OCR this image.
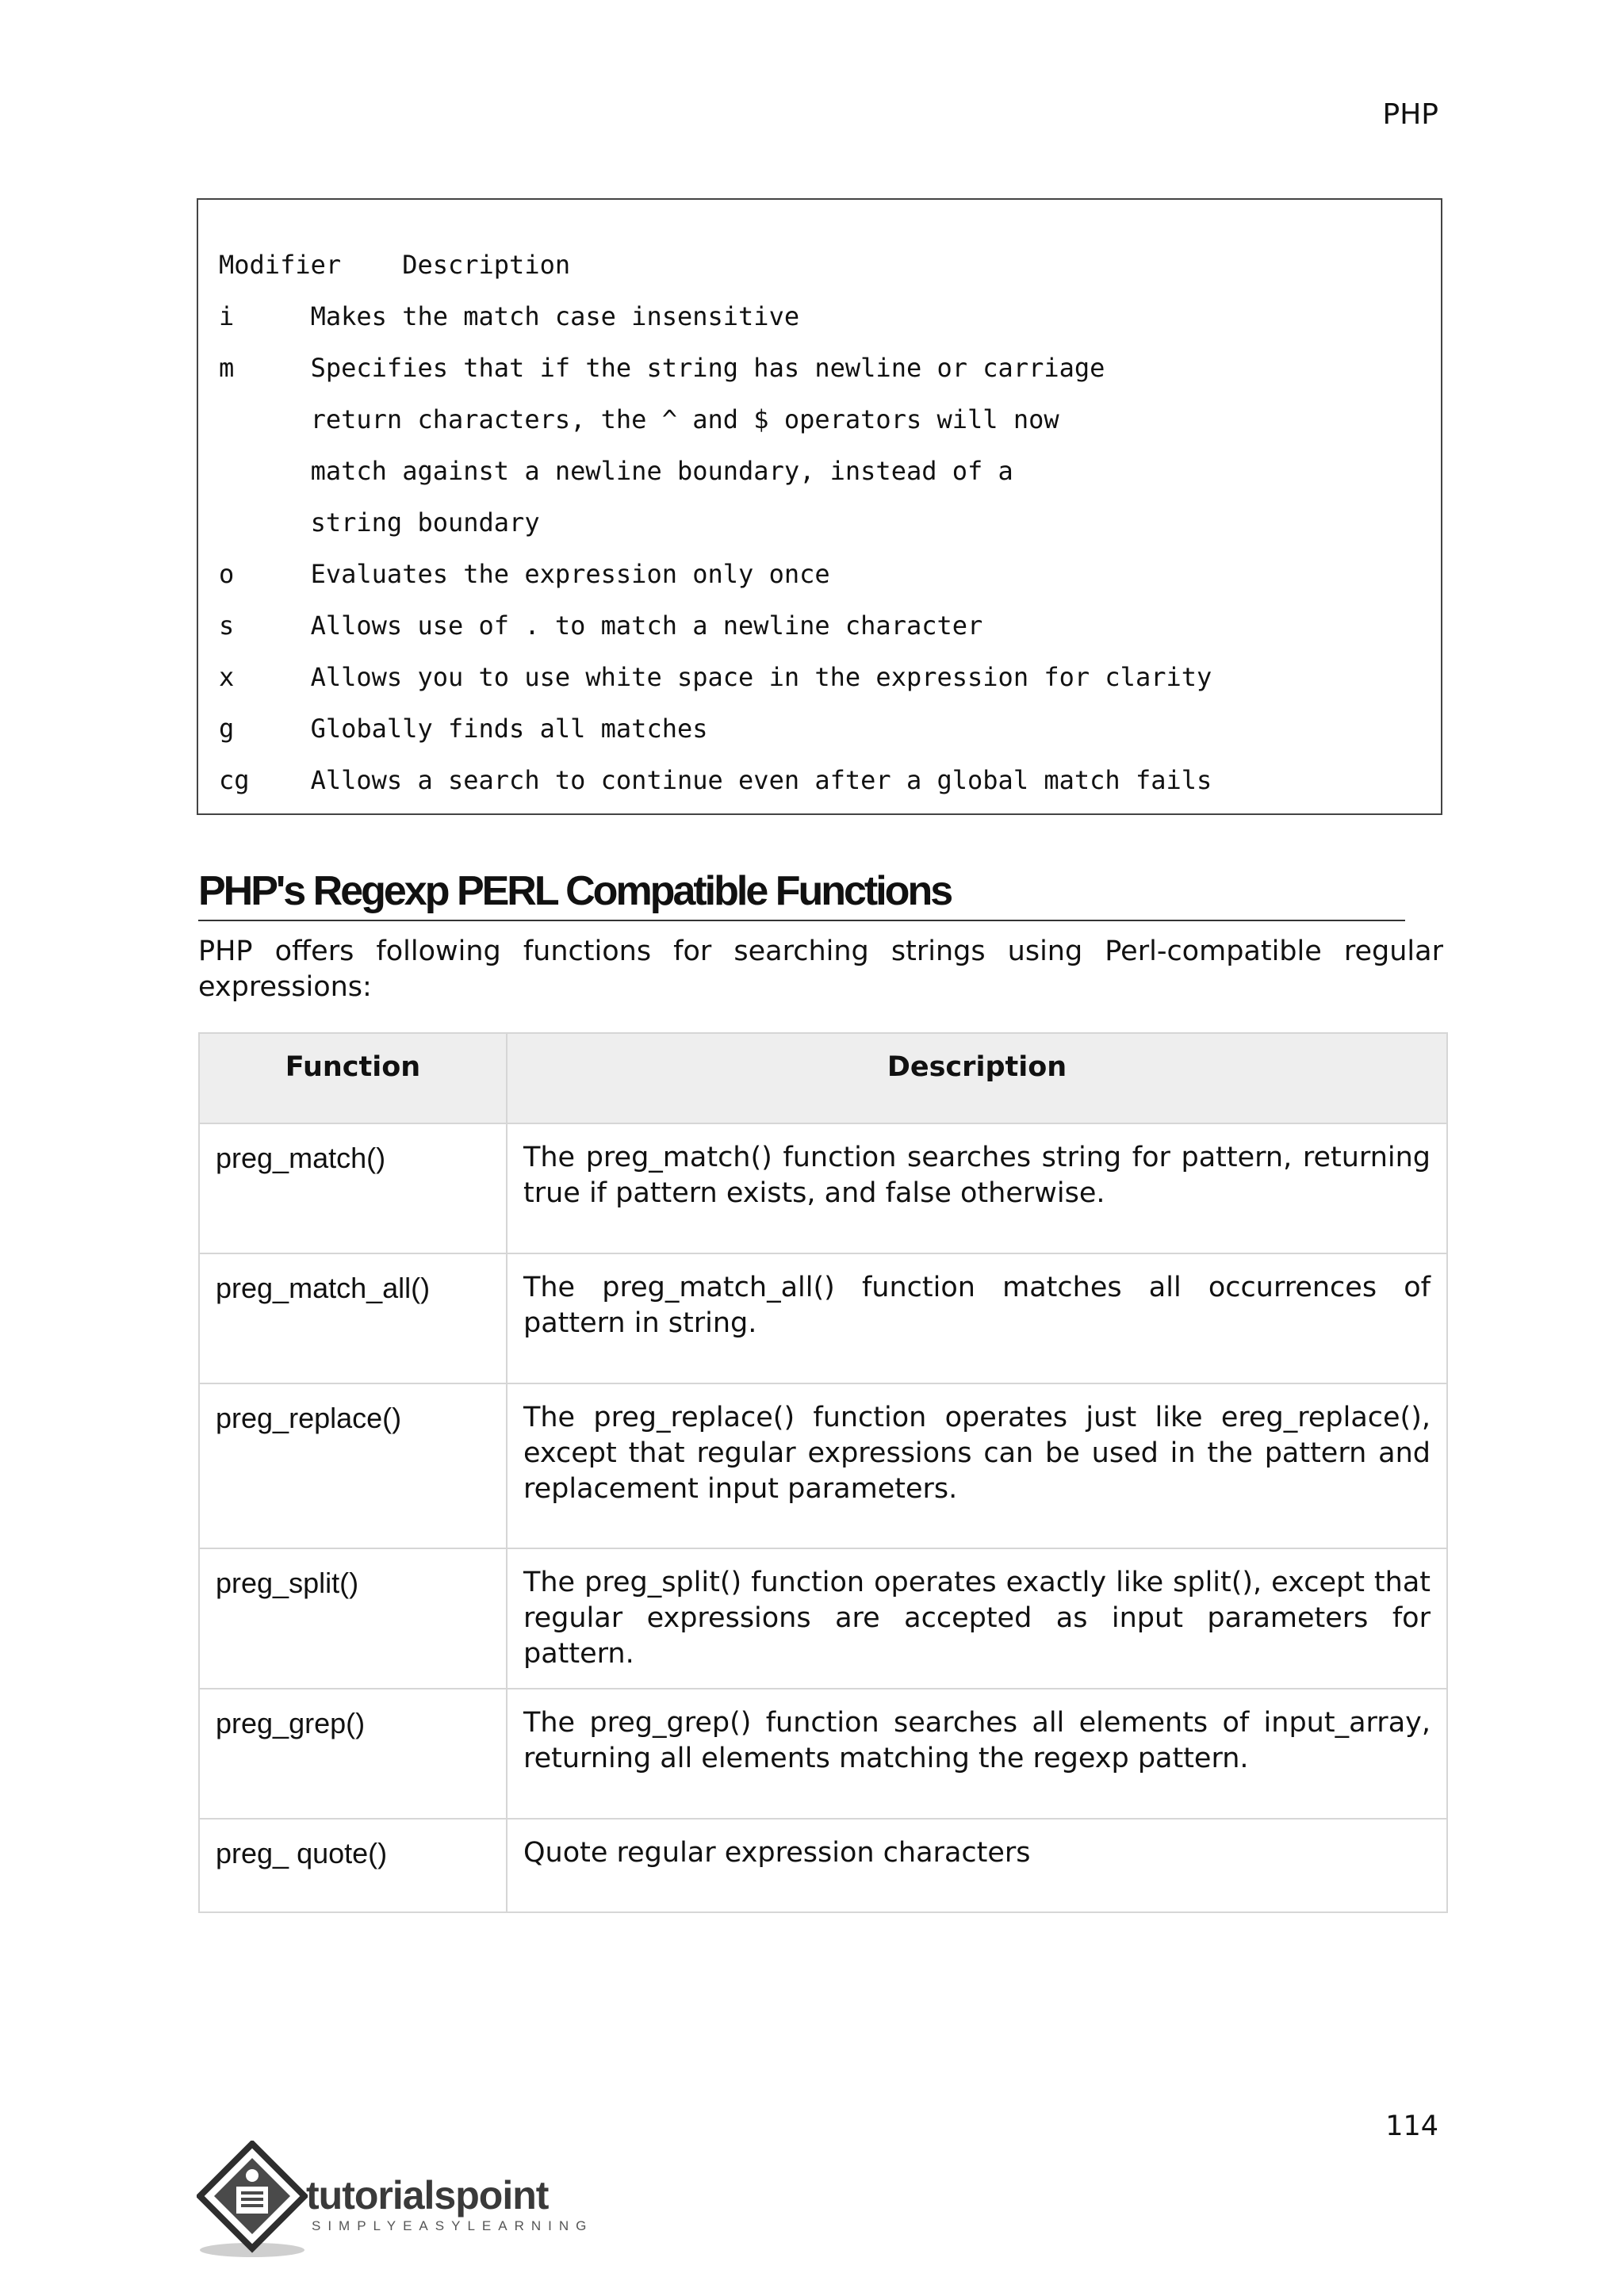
PHP
Modifier    Description
i     Makes the match case insensitive
m     Specifies that if the string has newline or carriage
return characters, the ^ and $ operators will now
match against a newline boundary, instead of a
string boundary
o     Evaluates the expression only once
s     Allows use of . to match a newline character
x     Allows you to use white space in the expression for clarity
g     Globally finds all matches
cg    Allows a search to continue even after a global match fails
PHP's Regexp PERL Compatible Functions
PHP offers following functions for searching strings using Perl-compatible regular expressions:
Function	Description
preg_match()	The preg_match() function searches string for pattern, returning true if pattern exists, and false otherwise.
preg_match_all()	The preg_match_all() function matches all occurrences of pattern in string.
preg_replace()	The preg_replace() function operates just like ereg_replace(), except that regular expressions can be used in the pattern and replacement input parameters.
preg_split()	The preg_split() function operates exactly like split(), except that regular expressions are accepted as input parameters for pattern.
preg_grep()	The preg_grep() function searches all elements of input_array, returning all elements matching the regexp pattern.
preg_ quote()	Quote regular expression characters
114
tutorialspoint
SIMPLYEASYLEARNING
